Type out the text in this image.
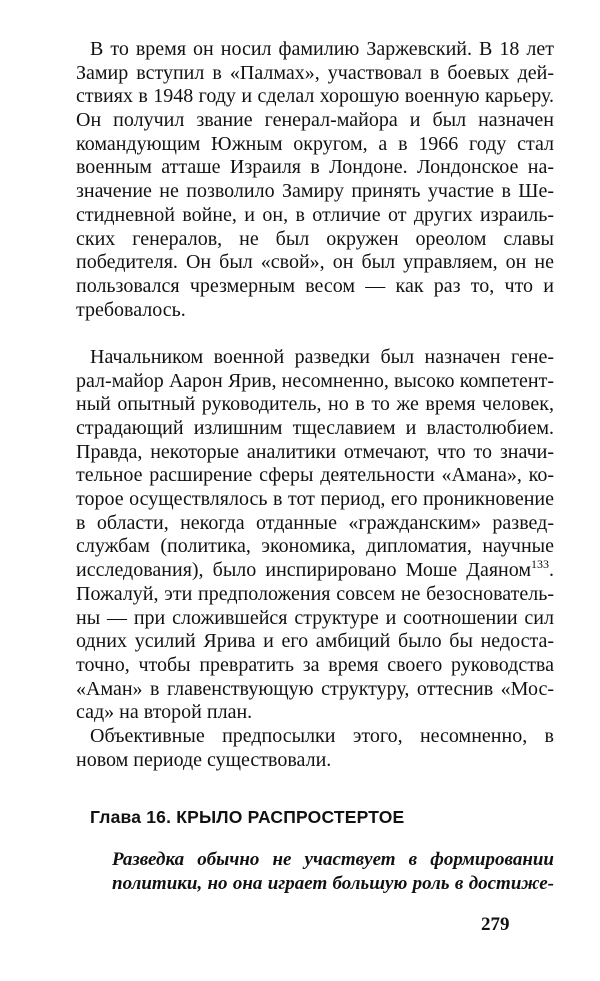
В то время он носил фамилию Заржевский. В 18 лет
Замир вступил в «Палмах», участвовал в боевых дей-
ствиях в 1948 году и сделал хорошую военную карьеру.
Он получил звание генерал-майора и был назначен
командующим Южным округом, а в 1966 году стал
военным атташе Израиля в Лондоне. Лондонское на-
значение не позволило Замиру принять участие в Ше-
стидневной войне, и он, в отличие от других израиль-
ских генералов, не был окружен ореолом славы
победителя. Он был «свой», он был управляем, он не
пользовался чрезмерным весом — как раз то, что и
требовалось.
Начальником военной разведки был назначен гене-
рал-майор Аарон Ярив, несомненно, высоко компетент-
ный опытный руководитель, но в то же время человек,
страдающий излишним тщеславием и властолюбием.
Правда, некоторые аналитики отмечают, что то значи-
тельное расширение сферы деятельности «Амана», ко-
торое осуществлялось в тот период, его проникновение
в области, некогда отданные «гражданским» развед-
службам (политика, экономика, дипломатия, научные
исследования), было инспирировано Моше Даяном$^{133}$.
Пожалуй, эти предположения совсем не безоснователь-
ны — при сложившейся структуре и соотношении сил
одних усилий Ярива и его амбиций было бы недоста-
точно, чтобы превратить за время своего руководства
«Аман» в главенствующую структуру, оттеснив «Мос-
сад» на второй план.
Объективные предпосылки этого, несомненно, в
новом периоде существовали.
Глава 16. КРЫЛО РАСПРОСТЕРТОЕ
Разведка обычно не участвует в формировании
политики, но она играет большую роль в достиже-
279
